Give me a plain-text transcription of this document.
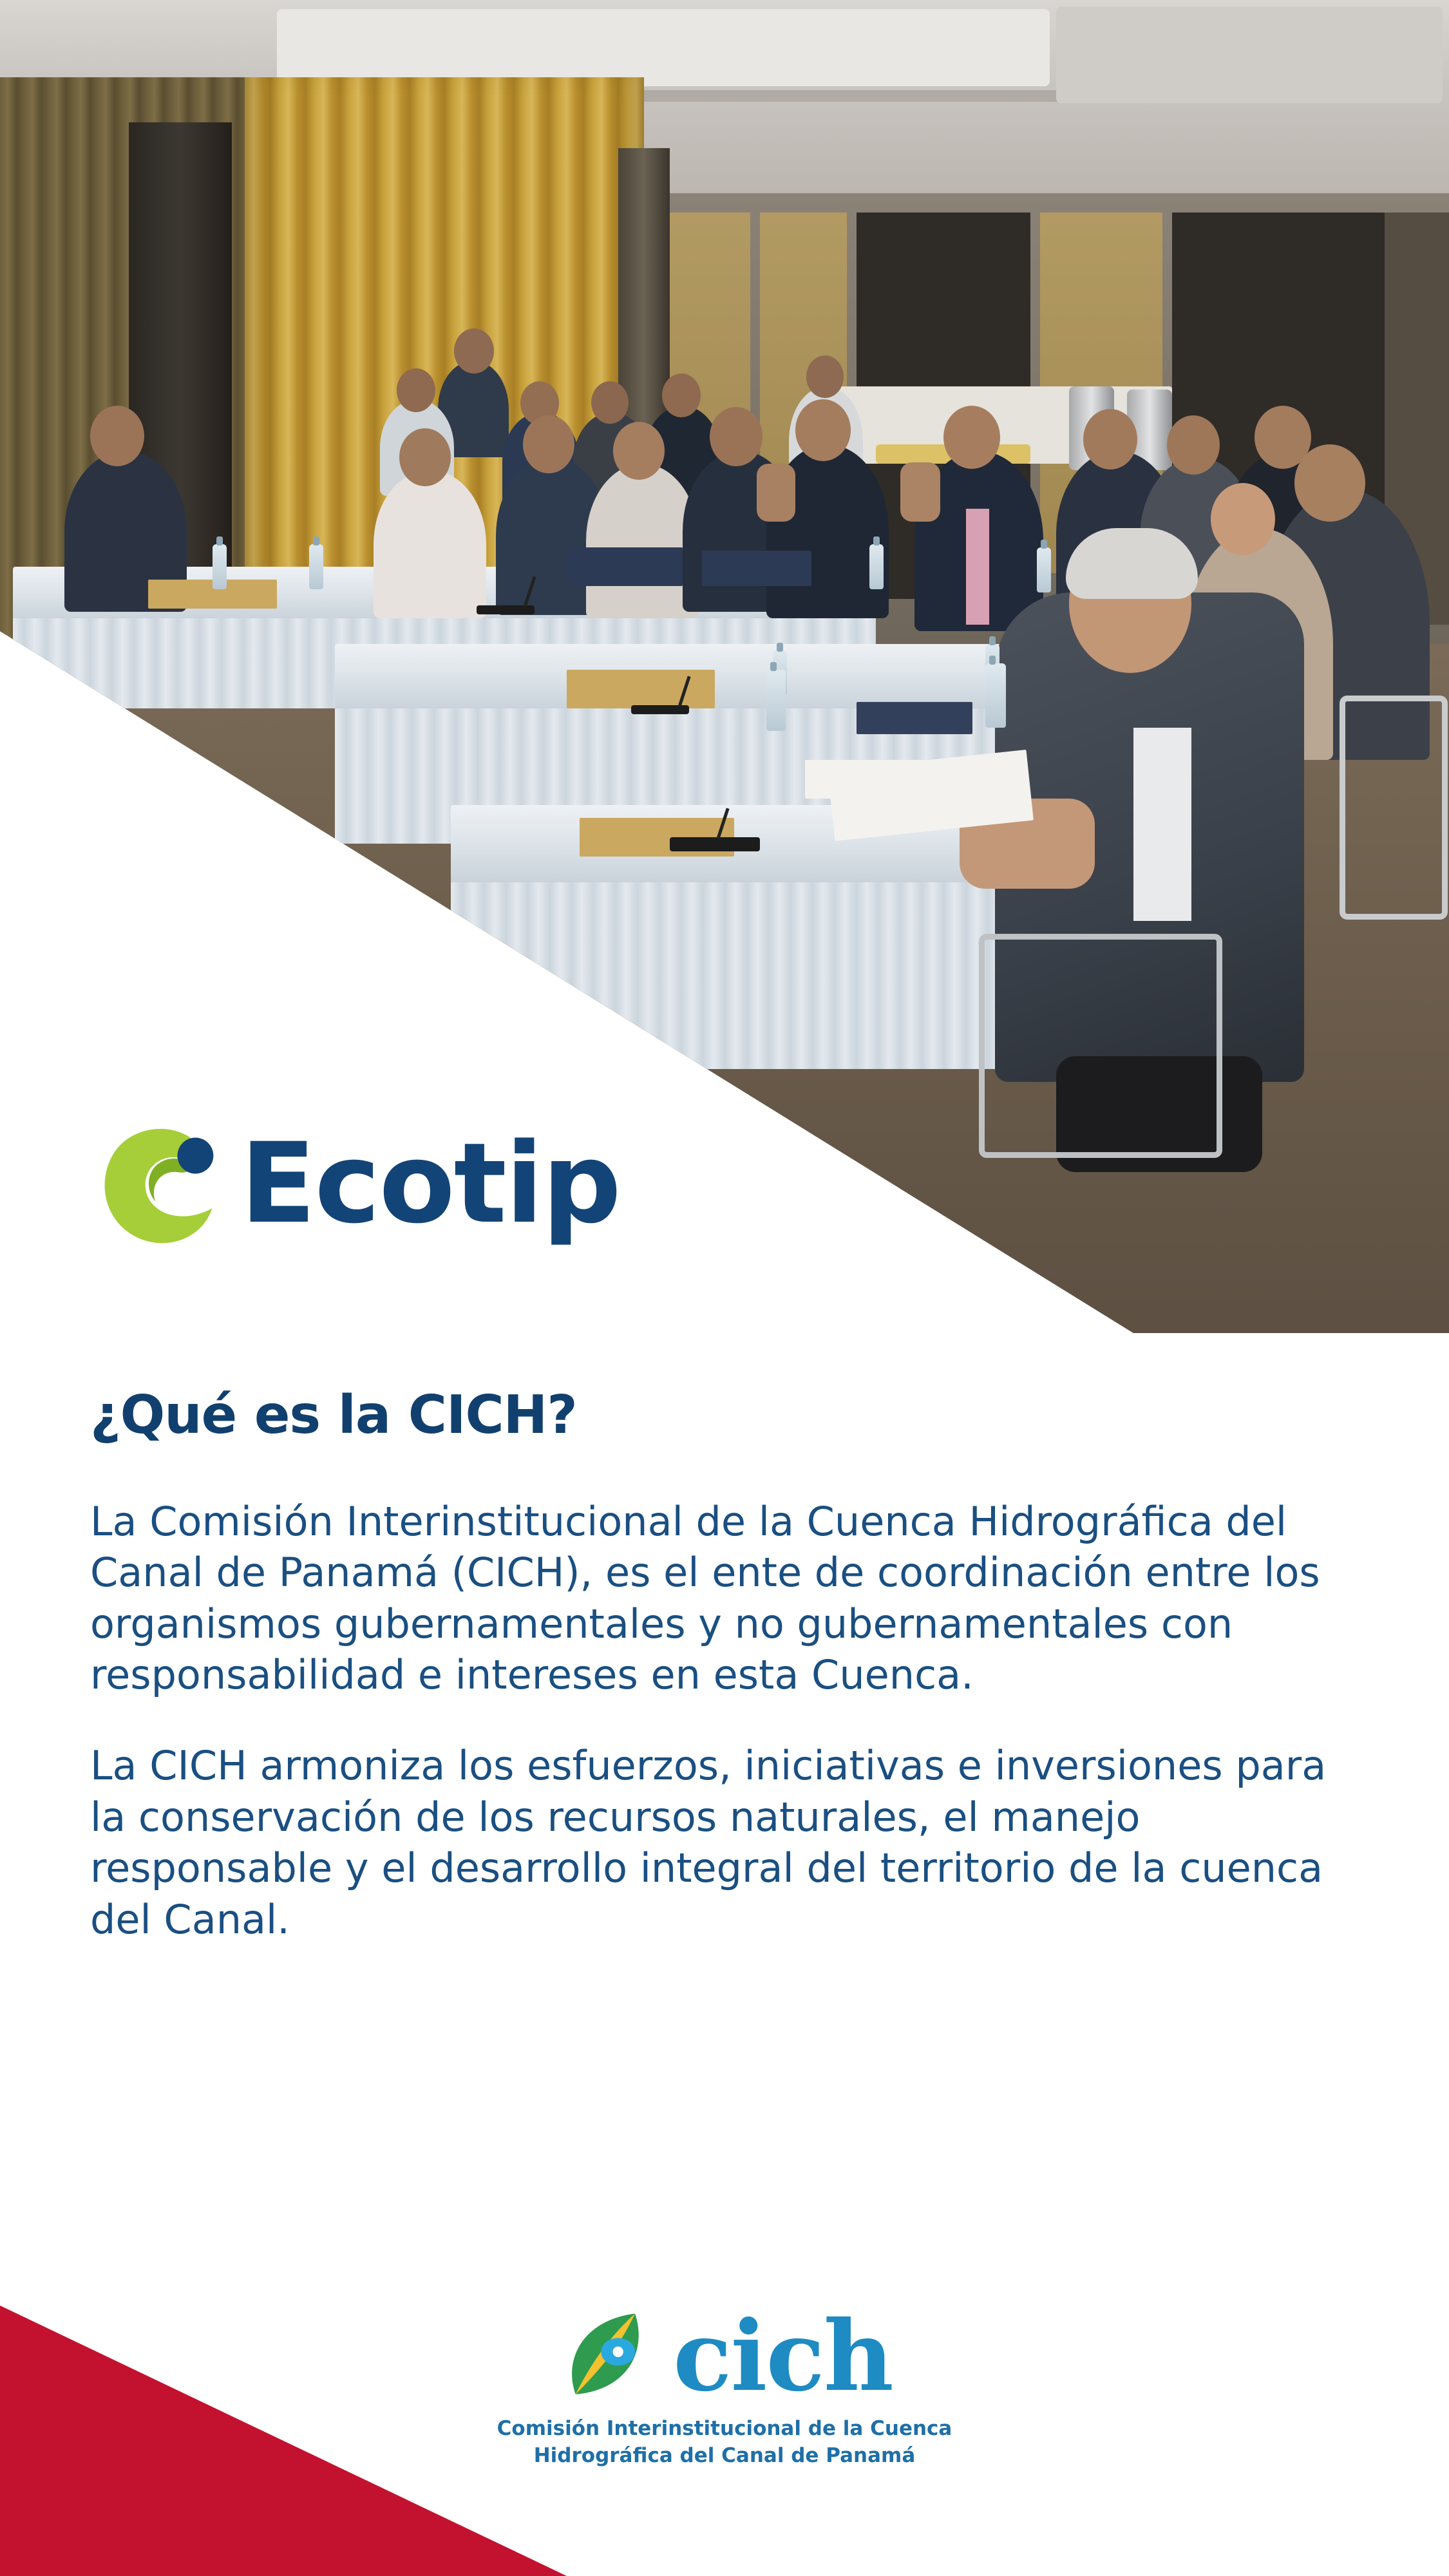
Ecotip
¿Qué es la CICH?

La Comisión Interinstitucional de la Cuenca Hidrográfica del Canal de Panamá (CICH), es el ente de coordinación entre los organismos gubernamentales y no gubernamentales con responsabilidad e intereses en esta Cuenca.

La CICH armoniza los esfuerzos, iniciativas e inversiones para la conservación de los recursos naturales, el manejo responsable y el desarrollo integral del territorio de la cuenca del Canal.

cich
Comisión Interinstitucional de la Cuenca
Hidrográfica del Canal de Panamá
